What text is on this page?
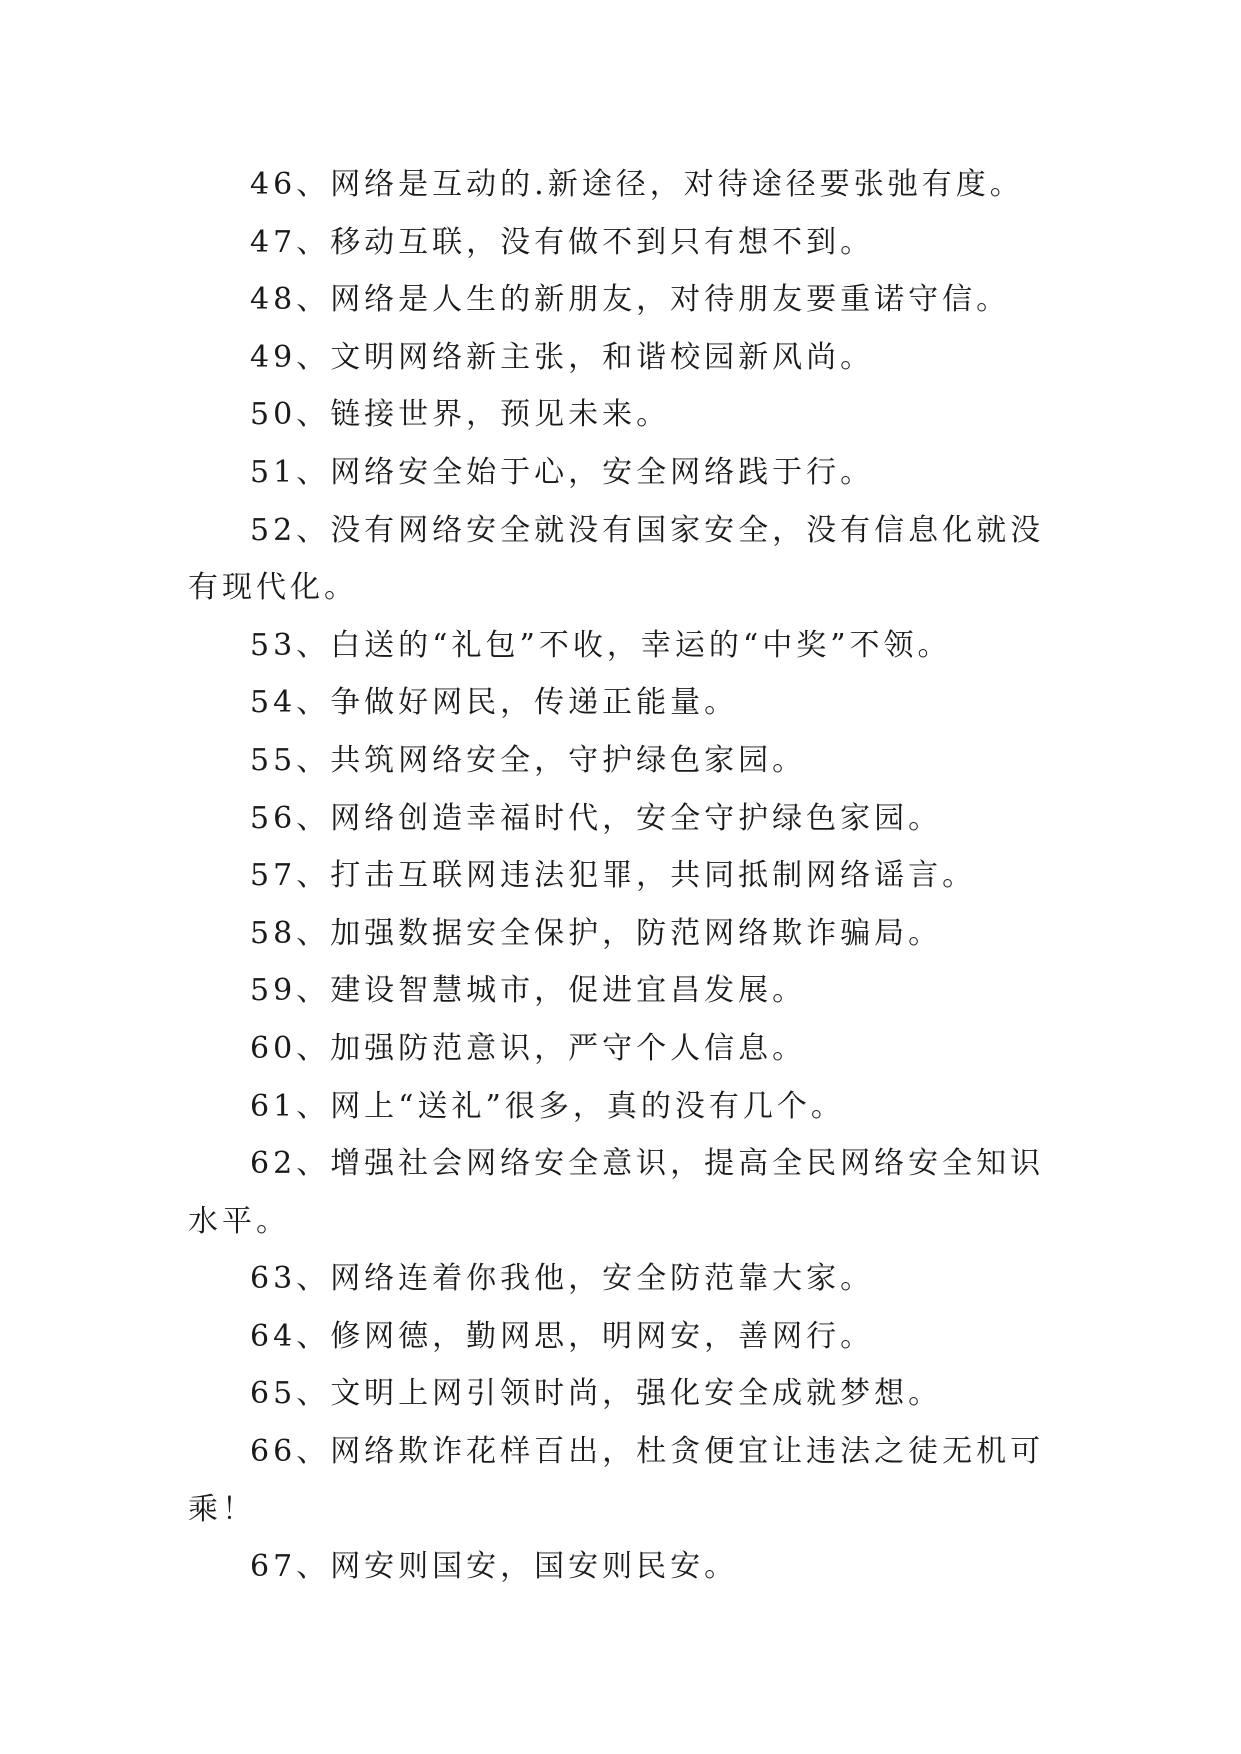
46、网络是互动的.新途径，对待途径要张弛有度。

47、移动互联，没有做不到只有想不到。

48、网络是人生的新朋友，对待朋友要重诺守信。

49、文明网络新主张，和谐校园新风尚。

50、链接世界，预见未来。

51、网络安全始于心，安全网络践于行。

52、没有网络安全就没有国家安全，没有信息化就没有现代化。

53、白送的“礼包”不收，幸运的“中奖”不领。

54、争做好网民，传递正能量。

55、共筑网络安全，守护绿色家园。

56、网络创造幸福时代，安全守护绿色家园。

57、打击互联网违法犯罪，共同抵制网络谣言。

58、加强数据安全保护，防范网络欺诈骗局。

59、建设智慧城市，促进宜昌发展。

60、加强防范意识，严守个人信息。

61、网上“送礼”很多，真的没有几个。

62、增强社会网络安全意识，提高全民网络安全知识水平。

63、网络连着你我他，安全防范靠大家。

64、修网德，勤网思，明网安，善网行。

65、文明上网引领时尚，强化安全成就梦想。

66、网络欺诈花样百出，杜贪便宜让违法之徒无机可乘！

67、网安则国安，国安则民安。
